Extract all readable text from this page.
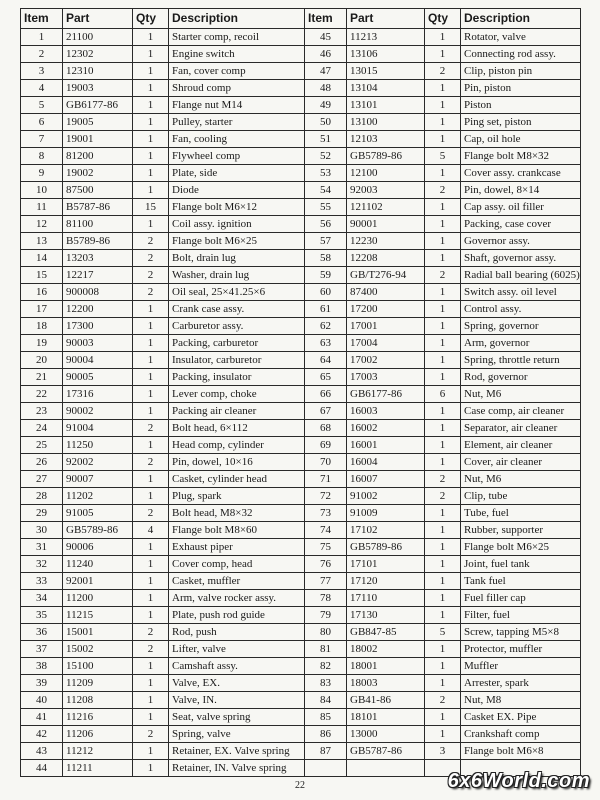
Item	Part	Qty	Description	Item	Part	Qty	Description
1	21100	1	Starter comp, recoil	45	11213	1	Rotator, valve
2	12302	1	Engine switch	46	13106	1	Connecting rod assy.
3	12310	1	Fan, cover comp	47	13015	2	Clip, piston pin
4	19003	1	Shroud comp	48	13104	1	Pin, piston
5	GB6177-86	1	Flange nut M14	49	13101	1	Piston
6	19005	1	Pulley, starter	50	13100	1	Ping set, piston
7	19001	1	Fan, cooling	51	12103	1	Cap, oil hole
8	81200	1	Flywheel comp	52	GB5789-86	5	Flange bolt M8×32
9	19002	1	Plate, side	53	12100	1	Cover assy. crankcase
10	87500	1	Diode	54	92003	2	Pin, dowel, 8×14
11	B5787-86	15	Flange bolt M6×12	55	121102	1	Cap assy. oil filler
12	81100	1	Coil assy. ignition	56	90001	1	Packing, case cover
13	B5789-86	2	Flange bolt M6×25	57	12230	1	Governor assy.
14	13203	2	Bolt, drain lug	58	12208	1	Shaft, governor assy.
15	12217	2	Washer, drain lug	59	GB/T276-94	2	Radial ball bearing (6025)
16	900008	2	Oil seal, 25×41.25×6	60	87400	1	Switch assy. oil level
17	12200	1	Crank case assy.	61	17200	1	Control assy.
18	17300	1	Carburetor assy.	62	17001	1	Spring, governor
19	90003	1	Packing, carburetor	63	17004	1	Arm, governor
20	90004	1	Insulator, carburetor	64	17002	1	Spring, throttle return
21	90005	1	Packing, insulator	65	17003	1	Rod, governor
22	17316	1	Lever comp, choke	66	GB6177-86	6	Nut, M6
23	90002	1	Packing air cleaner	67	16003	1	Case comp, air cleaner
24	91004	2	Bolt head, 6×112	68	16002	1	Separator, air cleaner
25	11250	1	Head comp, cylinder	69	16001	1	Element, air cleaner
26	92002	2	Pin, dowel, 10×16	70	16004	1	Cover, air cleaner
27	90007	1	Casket, cylinder head	71	16007	2	Nut, M6
28	11202	1	Plug, spark	72	91002	2	Clip, tube
29	91005	2	Bolt head, M8×32	73	91009	1	Tube, fuel
30	GB5789-86	4	Flange bolt M8×60	74	17102	1	Rubber, supporter
31	90006	1	Exhaust piper	75	GB5789-86	1	Flange bolt M6×25
32	11240	1	Cover comp, head	76	17101	1	Joint, fuel tank
33	92001	1	Casket, muffler	77	17120	1	Tank fuel
34	11200	1	Arm, valve rocker assy.	78	17110	1	Fuel filler cap
35	11215	1	Plate, push rod guide	79	17130	1	Filter, fuel
36	15001	2	Rod, push	80	GB847-85	5	Screw, tapping M5×8
37	15002	2	Lifter, valve	81	18002	1	Protector, muffler
38	15100	1	Camshaft assy.	82	18001	1	Muffler
39	11209	1	Valve, EX.	83	18003	1	Arrester, spark
40	11208	1	Valve, IN.	84	GB41-86	2	Nut, M8
41	11216	1	Seat, valve spring	85	18101	1	Casket EX. Pipe
42	11206	2	Spring, valve	86	13000	1	Crankshaft comp
43	11212	1	Retainer, EX. Valve spring	87	GB5787-86	3	Flange bolt M6×8
44	11211	1	Retainer, IN. Valve spring				
22	6x6World.com
